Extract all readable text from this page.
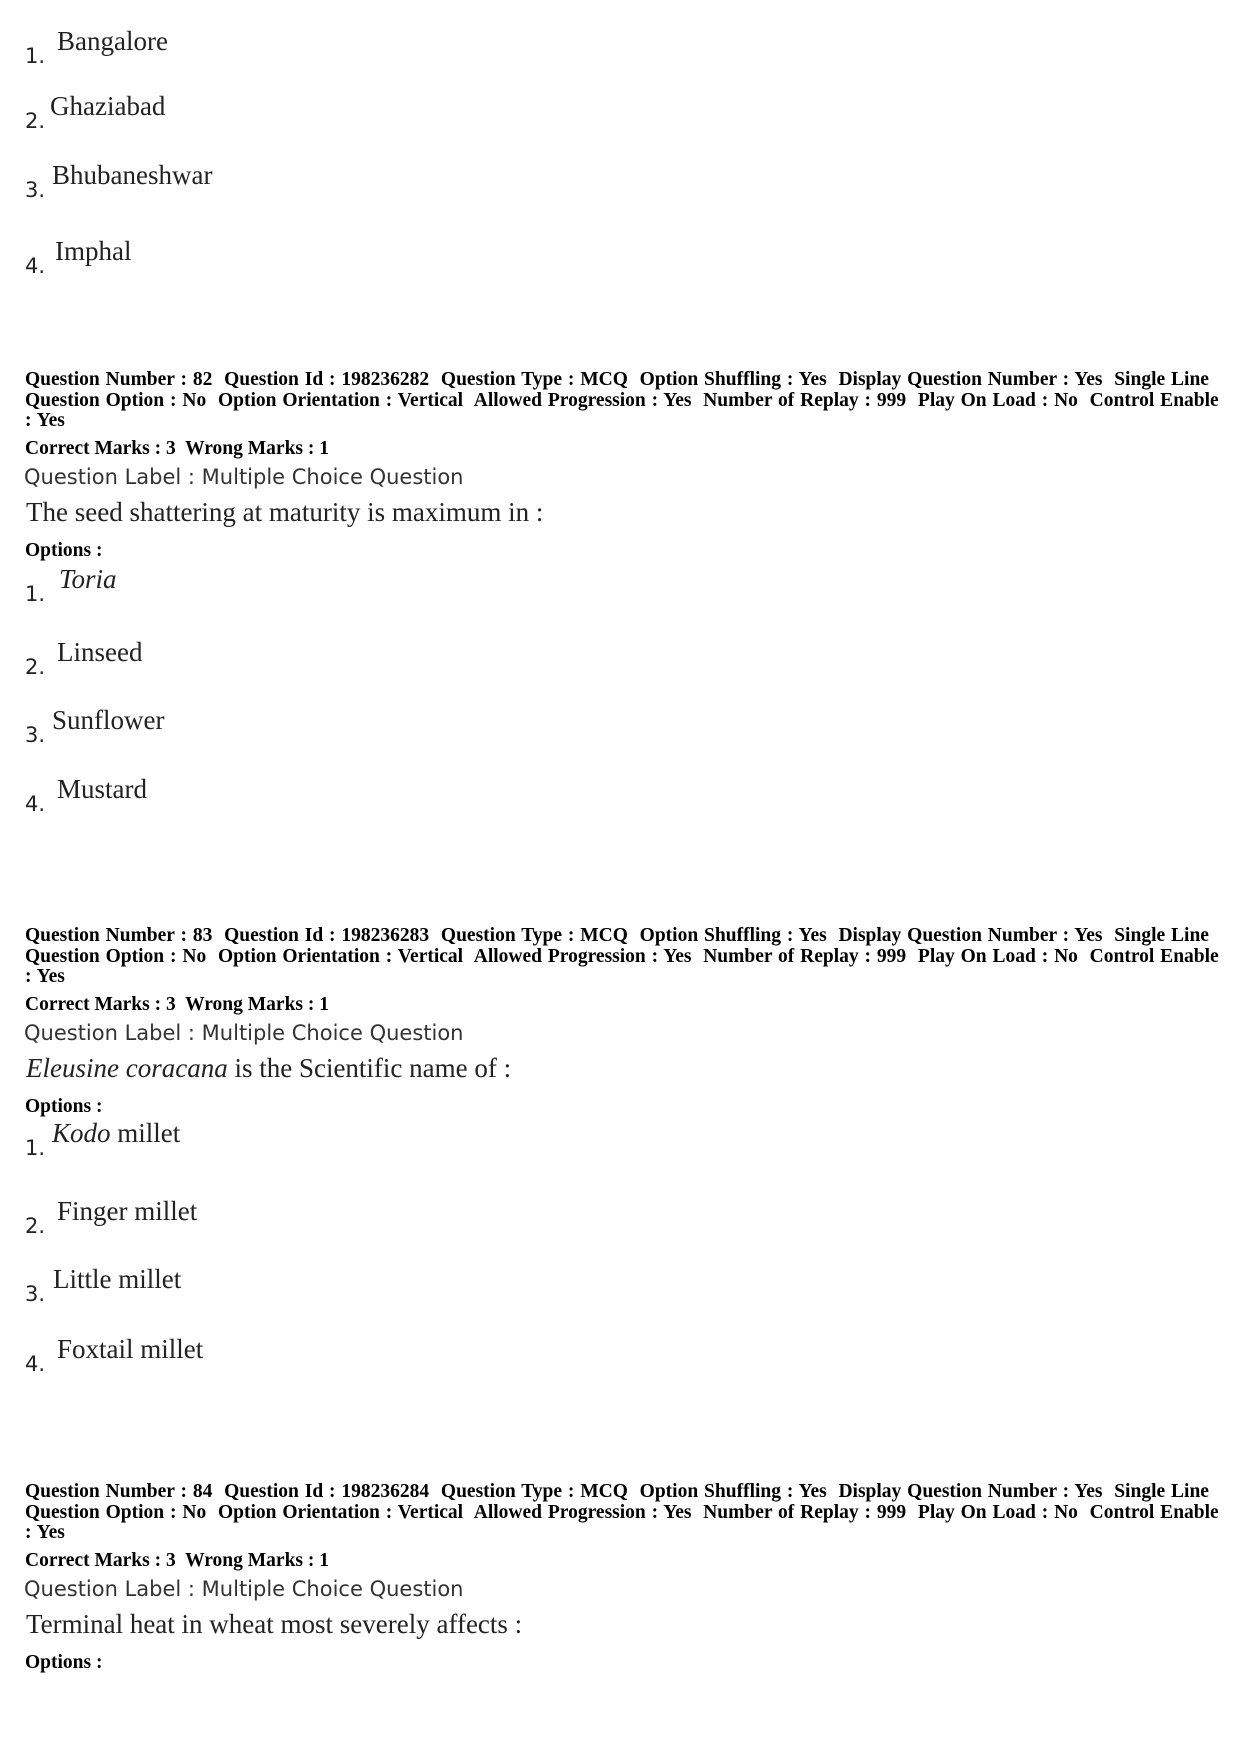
1. Bangalore
2. Ghaziabad
3. Bhubaneshwar
4. Imphal
Question Number : 82  Question Id : 198236282  Question Type : MCQ  Option Shuffling : Yes  Display Question Number : Yes  Single Line Question Option : No  Option Orientation : Vertical  Allowed Progression : Yes  Number of Replay : 999  Play On Load : No  Control Enable : Yes
Correct Marks : 3  Wrong Marks : 1
Question Label : Multiple Choice Question
The seed shattering at maturity is maximum in :
Options :
1. Toria
2. Linseed
3. Sunflower
4. Mustard
Question Number : 83  Question Id : 198236283  Question Type : MCQ  Option Shuffling : Yes  Display Question Number : Yes  Single Line Question Option : No  Option Orientation : Vertical  Allowed Progression : Yes  Number of Replay : 999  Play On Load : No  Control Enable : Yes
Correct Marks : 3  Wrong Marks : 1
Question Label : Multiple Choice Question
Eleusine coracana is the Scientific name of :
Options :
1. Kodo millet
2. Finger millet
3. Little millet
4. Foxtail millet
Question Number : 84  Question Id : 198236284  Question Type : MCQ  Option Shuffling : Yes  Display Question Number : Yes  Single Line Question Option : No  Option Orientation : Vertical  Allowed Progression : Yes  Number of Replay : 999  Play On Load : No  Control Enable : Yes
Correct Marks : 3  Wrong Marks : 1
Question Label : Multiple Choice Question
Terminal heat in wheat most severely affects :
Options :
